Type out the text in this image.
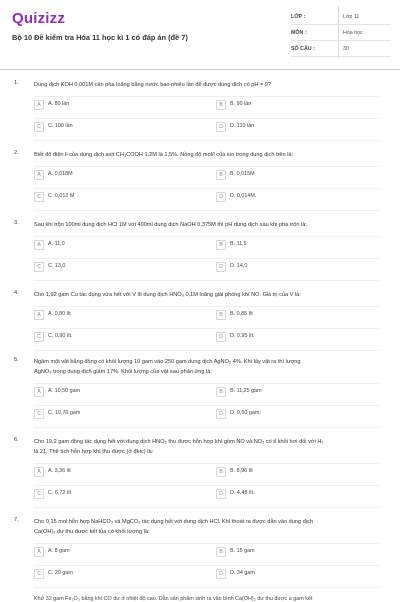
Quizizz
Bộ 10 Đề kiểm tra Hóa 11 học kì 1 có đáp án (đề 7)
LỚP :	Lớp 11
MÔN :	Hóa học
SỐ CÂU :	30
1.	Dung dịch KOH 0,001M cần pha loãng bằng nước bao nhiêu lần để được dung dịch có pH = 9?
A	A. 80 lần	B	B. 90 lần
C	C. 100 lần	D	D. 110 lần
2.	Biết độ điện li của dung dịch axit CH₃COOH 1,2M là 1,5%. Nồng độ mol/l của ion trong dung dịch trên là:
A	A. 0,018M	B	B. 0,015M
C	C. 0,012 M	D	D. 0,014M.
3.	Sau khi trộn 100ml dung dịch HCl 1M với 400ml dung dịch NaOH 0,375M thì pH dung dịch sau khi pha trộn là:
A	A. 11,0	B	B. 11,5
C	C. 13,0	D	D. 14,0
4.	Cho 1,92 gam Cu tác dụng vừa hết với V lít dung dịch HNO₃ 0,1M loãng giải phóng khí NO. Giá trị của V là:
A	A. 0,80 lít	B	B. 0,85 lít
C	C. 0,90 lít.	D	D. 0,95 lít.
5.	Ngâm một vật bằng đồng có khối lượng 10 gam vào 250 gam dung dịch AgNO₃ 4%. Khi lấy vật ra thì lượng
AgNO₃ trong dung dịch giảm 17%. Khối lượng của vật sau phản ứng là:
A	A. 10,50 gam	B	B. 11,25 gam
C	C. 10,76 gam	D	D. 9,50 gam.
6.	Cho 19,2 gam đồng tác dụng hết với dung dịch HNO₃ thu được hỗn hợp khí gồm NO và NO₂ có tỉ khối hơi đối với H₂
là 21. Thể tích hỗn hợp khí thu được (ở đktc) là:
A	A. 3,36 lít	B	B. 8,96 lít
C	C. 6,72 lít	D	D. 4,48 lít.
7.	Cho 0,15 mol hỗn hợp NaHCO₃ và MgCO₃ tác dụng hết với dung dịch HCl. Khí thoát ra được dẫn vào dung dịch
Ca(OH)₂ dư thu được kết tủa có khối lượng là:
A	A. 8 gam	B	B. 15 gam
C	C. 20 gam	D	D. 34 gam
Khử 32 gam Fe₂O₃ bằng khí CO dư ở nhiệt độ cao. Dẫn sản phẩm sinh ra vào bình Ca(OH)₂ dư thu được a gam kết
